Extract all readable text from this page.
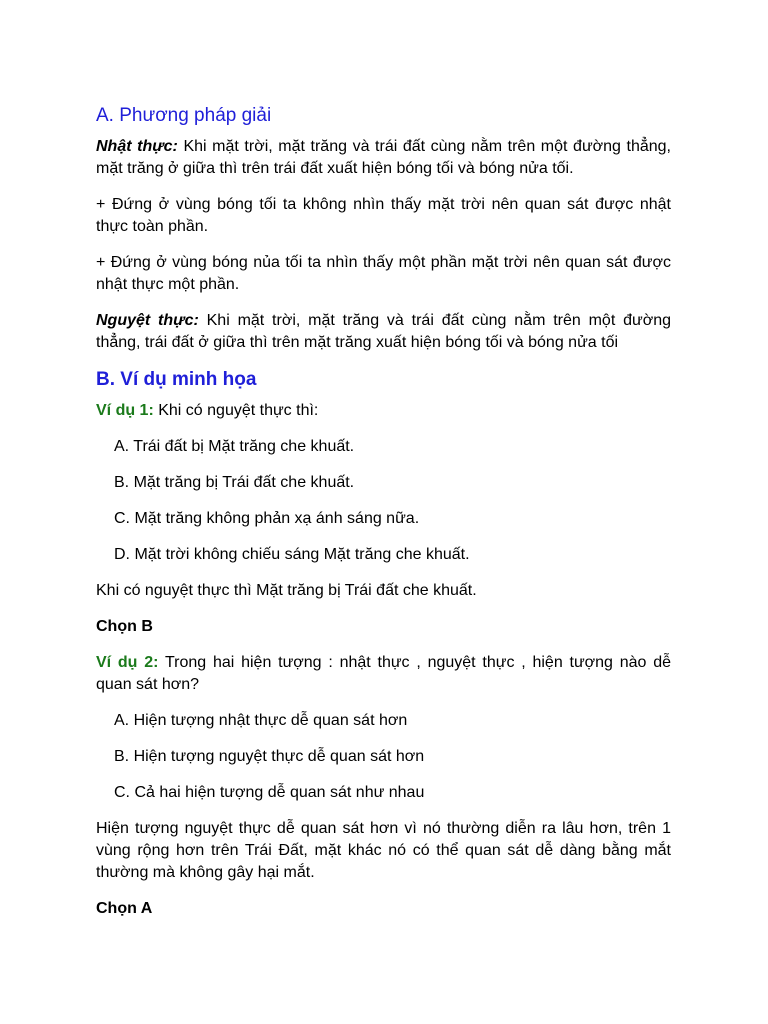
A. Phương pháp giải

Nhật thực: Khi mặt trời, mặt trăng và trái đất cùng nằm trên một đường thẳng, mặt trăng ở giữa thì trên trái đất xuất hiện bóng tối và bóng nửa tối.

+ Đứng ở vùng bóng tối ta không nhìn thấy mặt trời nên quan sát được nhật thực toàn phần.

+ Đứng ở vùng bóng nủa tối ta nhìn thấy một phần mặt trời nên quan sát được nhật thực một phần.

Nguyệt thực: Khi mặt trời, mặt trăng và trái đất cùng nằm trên một đường thẳng, trái đất ở giữa thì trên mặt trăng xuất hiện bóng tối và bóng nửa tối

B. Ví dụ minh họa

Ví dụ 1: Khi có nguyệt thực thì:

A. Trái đất bị Mặt trăng che khuất.

B. Mặt trăng bị Trái đất che khuất.

C. Mặt trăng không phản xạ ánh sáng nữa.

D. Mặt trời không chiếu sáng Mặt trăng che khuất.

Khi có nguyệt thực thì Mặt trăng bị Trái đất che khuất.

Chọn B

Ví dụ 2: Trong hai hiện tượng : nhật thực , nguyệt thực , hiện tượng nào dễ quan sát hơn?

A. Hiện tượng nhật thực dễ quan sát hơn

B. Hiện tượng nguyệt thực dễ quan sát hơn

C. Cả hai hiện tượng dễ quan sát như nhau

Hiện tượng nguyệt thực dễ quan sát hơn vì nó thường diễn ra lâu hơn, trên 1 vùng rộng hơn trên Trái Đất, mặt khác nó có thể quan sát dễ dàng bằng mắt thường mà không gây hại mắt.

Chọn A
